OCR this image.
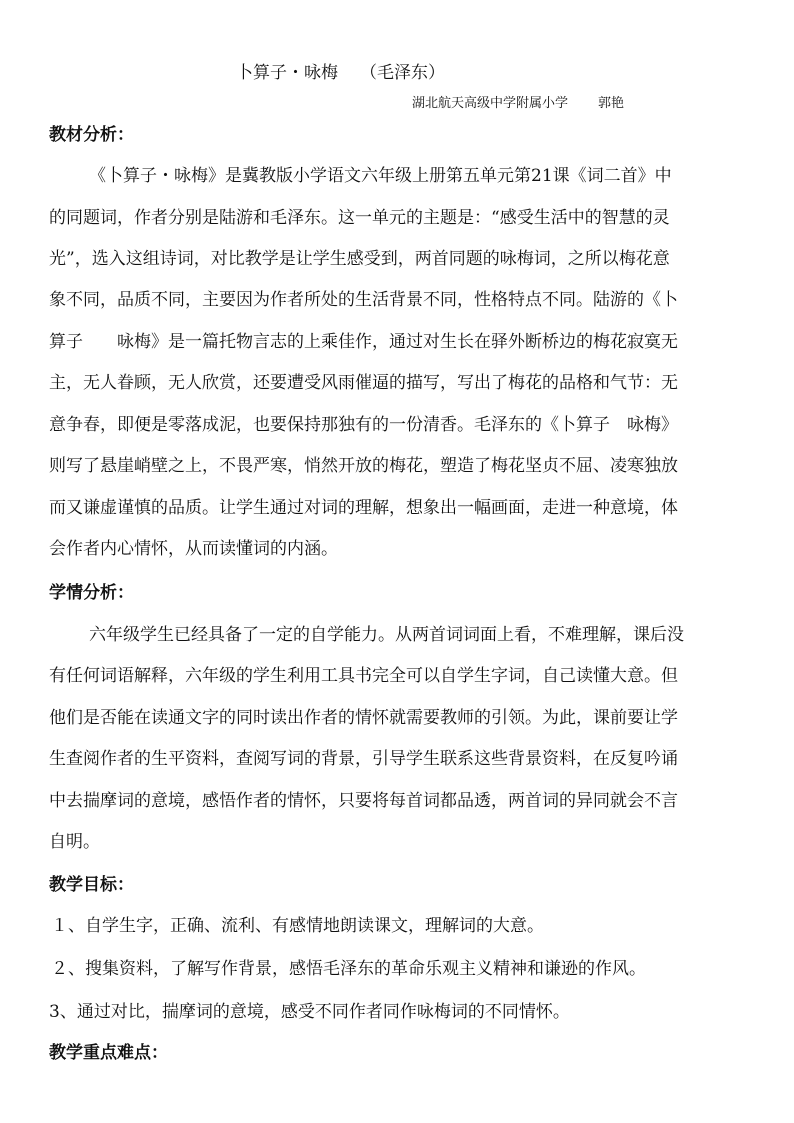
卜算子・咏梅 （毛泽东）
湖北航天高级中学附属小学 郭艳
教材分析：
《卜算子・咏梅》是冀教版小学语文六年级上册第五单元第21课《词二首》中
的同题词，作者分别是陆游和毛泽东。这一单元的主题是：“感受生活中的智慧的灵
光”，选入这组诗词，对比教学是让学生感受到，两首同题的咏梅词，之所以梅花意
象不同，品质不同，主要因为作者所处的生活背景不同，性格特点不同。陆游的《卜
算子　　咏梅》是一篇托物言志的上乘佳作，通过对生长在驿外断桥边的梅花寂寞无
主，无人眷顾，无人欣赏，还要遭受风雨催逼的描写，写出了梅花的品格和气节：无
意争春，即便是零落成泥，也要保持那独有的一份清香。毛泽东的《卜算子　咏梅》
则写了悬崖峭壁之上，不畏严寒，悄然开放的梅花，塑造了梅花坚贞不屈、凌寒独放
而又谦虚谨慎的品质。让学生通过对词的理解，想象出一幅画面，走进一种意境，体
会作者内心情怀，从而读懂词的内涵。
学情分析：
六年级学生已经具备了一定的自学能力。从两首词词面上看，不难理解，课后没
有任何词语解释，六年级的学生利用工具书完全可以自学生字词，自己读懂大意。但
他们是否能在读通文字的同时读出作者的情怀就需要教师的引领。为此，课前要让学
生查阅作者的生平资料，查阅写词的背景，引导学生联系这些背景资料，在反复吟诵
中去揣摩词的意境，感悟作者的情怀，只要将每首词都品透，两首词的异同就会不言
自明。
教学目标：
１、自学生字，正确、流利、有感情地朗读课文，理解词的大意。
２、搜集资料，了解写作背景，感悟毛泽东的革命乐观主义精神和谦逊的作风。
3、通过对比，揣摩词的意境，感受不同作者同作咏梅词的不同情怀。
教学重点难点：
